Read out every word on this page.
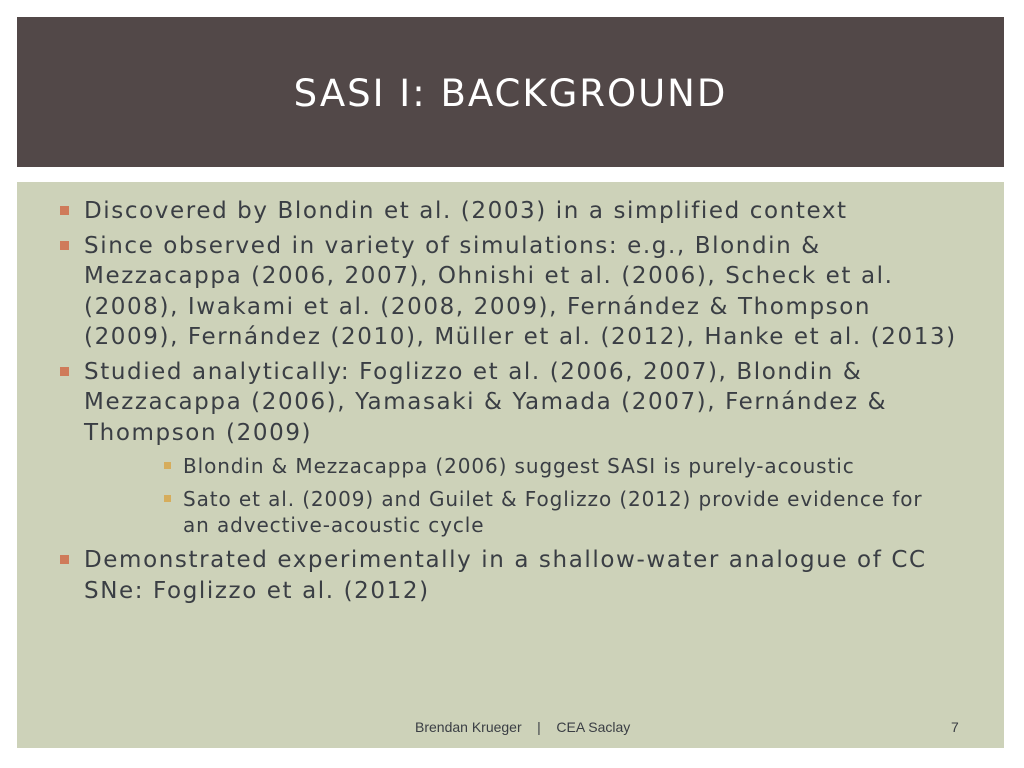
SASI I: BACKGROUND
Discovered by Blondin et al. (2003) in a simplified context
Since observed in variety of simulations: e.g., Blondin & Mezzacappa (2006, 2007), Ohnishi et al. (2006), Scheck et al. (2008), Iwakami et al. (2008, 2009), Fernández & Thompson (2009), Fernández (2010), Müller et al. (2012), Hanke et al. (2013)
Studied analytically: Foglizzo et al. (2006, 2007), Blondin & Mezzacappa (2006), Yamasaki & Yamada (2007), Fernández & Thompson (2009)
Blondin & Mezzacappa (2006) suggest SASI is purely-acoustic
Sato et al. (2009) and Guilet & Foglizzo (2012) provide evidence for an advective-acoustic cycle
Demonstrated experimentally in a shallow-water analogue of CC SNe: Foglizzo et al. (2012)
Brendan Krueger    |    CEA Saclay	7
